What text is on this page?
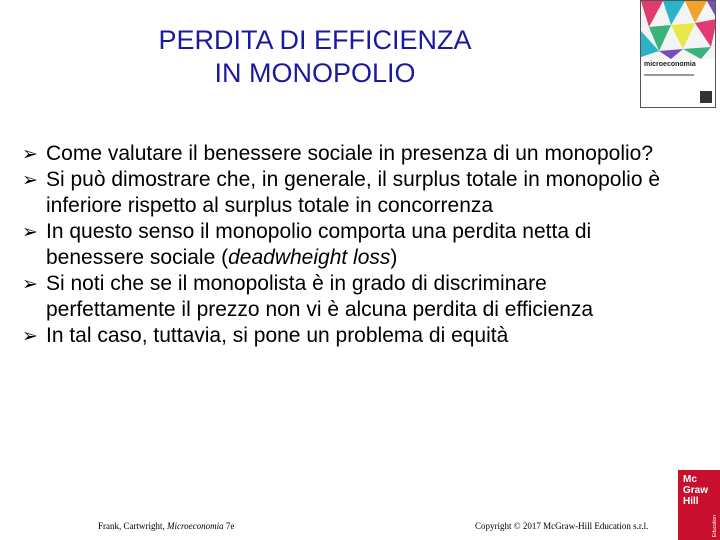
PERDITA DI EFFICIENZA
IN MONOPOLIO	microeconomia
➢ Come valutare il benessere sociale in presenza di un monopolio?
➢ Si può dimostrare che, in generale, il surplus totale in monopolio è inferiore rispetto al surplus totale in concorrenza
➢ In questo senso il monopolio comporta una perdita netta di benessere sociale (deadwheight loss)
➢ Si noti che se il monopolista è in grado di discriminare perfettamente il prezzo non vi è alcuna perdita di efficienza
➢ In tal caso, tuttavia, si pone un problema di equità
Frank, Cartwright, Microeconomia 7e	Copyright © 2017 McGraw-Hill Education s.r.l.
Mc
Graw
Hill
Education
